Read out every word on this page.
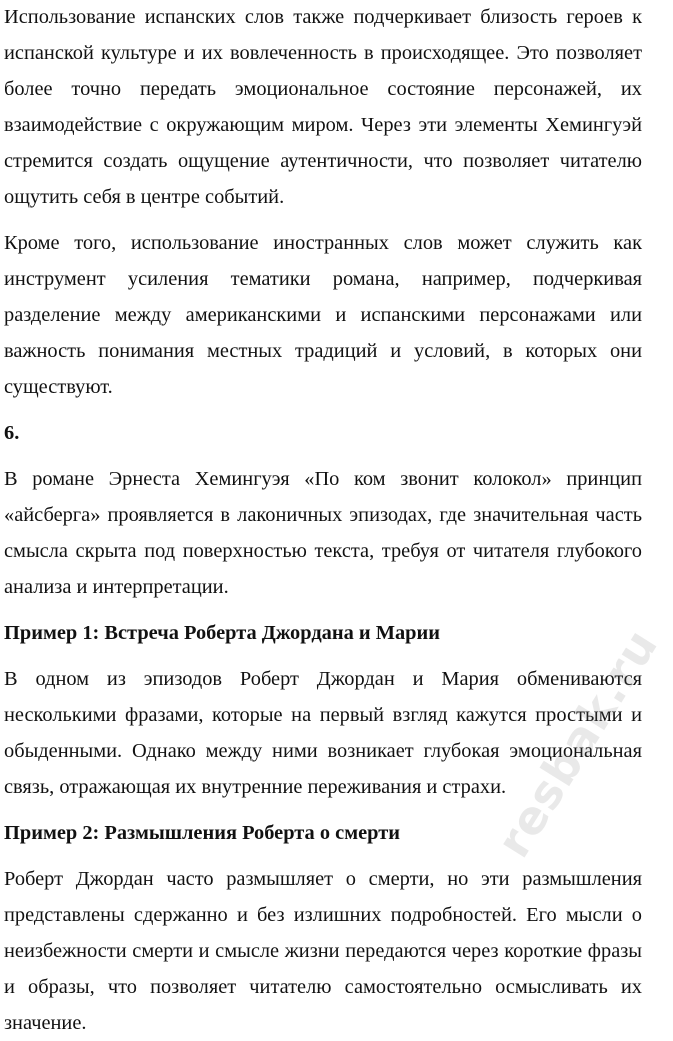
Использование испанских слов также подчеркивает близость героев к испанской культуре и их вовлеченность в происходящее. Это позволяет более точно передать эмоциональное состояние персонажей, их взаимодействие с окружающим миром. Через эти элементы Хемингуэй стремится создать ощущение аутентичности, что позволяет читателю ощутить себя в центре событий.

Кроме того, использование иностранных слов может служить как инструмент усиления тематики романа, например, подчеркивая разделение между американскими и испанскими персонажами или важность понимания местных традиций и условий, в которых они существуют.

6.

В романе Эрнеста Хемингуэя «По ком звонит колокол» принцип «айсберга» проявляется в лаконичных эпизодах, где значительная часть смысла скрыта под поверхностью текста, требуя от читателя глубокого анализа и интерпретации.

Пример 1: Встреча Роберта Джордана и Марии

В одном из эпизодов Роберт Джордан и Мария обмениваются несколькими фразами, которые на первый взгляд кажутся простыми и обыденными. Однако между ними возникает глубокая эмоциональная связь, отражающая их внутренние переживания и страхи.

Пример 2: Размышления Роберта о смерти

Роберт Джордан часто размышляет о смерти, но эти размышления представлены сдержанно и без излишних подробностей. Его мысли о неизбежности смерти и смысле жизни передаются через короткие фразы и образы, что позволяет читателю самостоятельно осмысливать их значение.

resbak.ru
